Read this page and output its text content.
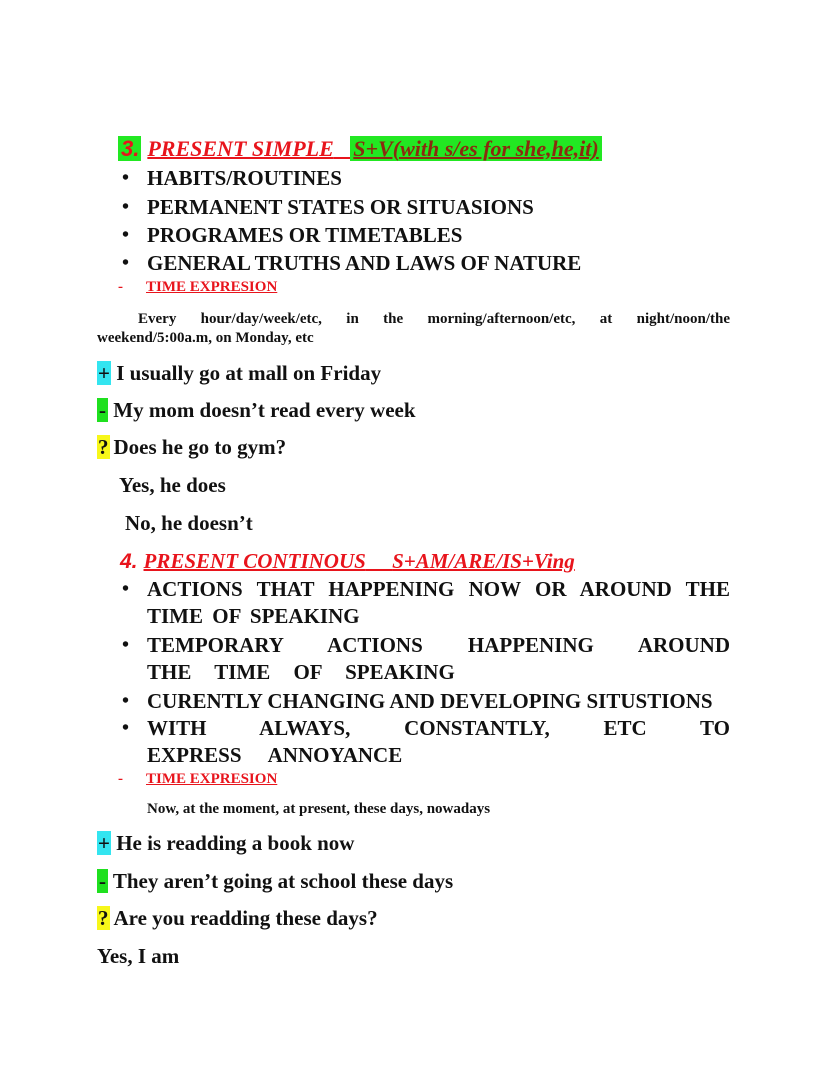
3. PRESENT SIMPLE S+V(with s/es for she,he,it)
• HABITS/ROUTINES
• PERMANENT STATES OR SITUASIONS
• PROGRAMES OR TIMETABLES
• GENERAL TRUTHS AND LAWS OF NATURE
- TIME EXPRESION
Every hour/day/week/etc, in the morning/afternoon/etc, at night/noon/the
weekend/5:00a.m, on Monday, etc
+ I usually go at mall on Friday
- My mom doesn’t read every week
? Does he go to gym?
Yes, he does
No, he doesn’t
4. PRESENT CONTINOUS S+AM/ARE/IS+Ving
• ACTIONS THAT HAPPENING NOW OR AROUND THE TIME OF SPEAKING
• TEMPORARY ACTIONS HAPPENING AROUND THE TIME OF SPEAKING
• CURENTLY CHANGING AND DEVELOPING SITUSTIONS
• WITH ALWAYS, CONSTANTLY, ETC TO EXPRESS ANNOYANCE
- TIME EXPRESION
Now, at the moment, at present, these days, nowadays
+ He is readding a book now
- They aren’t going at school these days
? Are you readding these days?
Yes, I am
